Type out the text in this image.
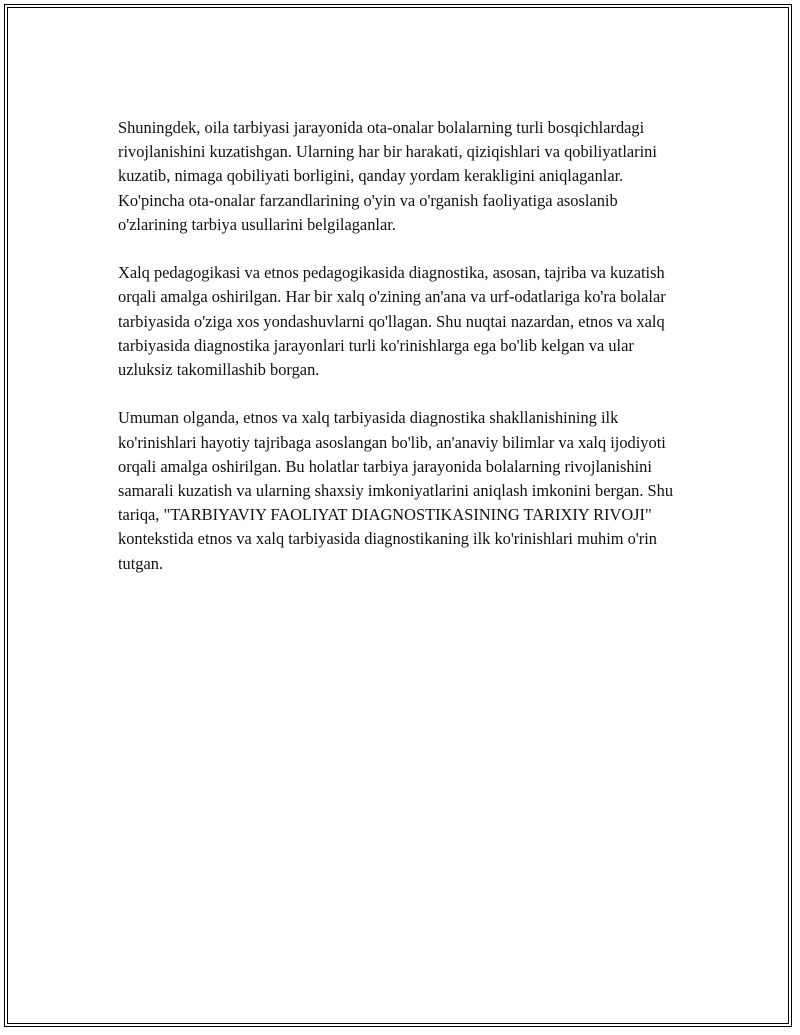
Shuningdek, oila tarbiyasi jarayonida ota-onalar bolalarning turli bosqichlardagi rivojlanishini kuzatishgan. Ularning har bir harakati, qiziqishlari va qobiliyatlarini kuzatib, nimaga qobiliyati borligini, qanday yordam kerakligini aniqlaganlar. Ko'pincha ota-onalar farzandlarining o'yin va o'rganish faoliyatiga asoslanib o'zlarining tarbiya usullarini belgilaganlar.

Xalq pedagogikasi va etnos pedagogikasida diagnostika, asosan, tajriba va kuzatish orqali amalga oshirilgan. Har bir xalq o'zining an'ana va urf-odatlariga ko'ra bolalar tarbiyasida o'ziga xos yondashuvlarni qo'llagan. Shu nuqtai nazardan, etnos va xalq tarbiyasida diagnostika jarayonlari turli ko'rinishlarga ega bo'lib kelgan va ular uzluksiz takomillashib borgan.

Umuman olganda, etnos va xalq tarbiyasida diagnostika shakllanishining ilk ko'rinishlari hayotiy tajribaga asoslangan bo'lib, an'anaviy bilimlar va xalq ijodiyoti orqali amalga oshirilgan. Bu holatlar tarbiya jarayonida bolalarning rivojlanishini samarali kuzatish va ularning shaxsiy imkoniyatlarini aniqlash imkonini bergan. Shu tariqa, "TARBIYAVIY FAOLIYAT DIAGNOSTIKASINING TARIXIY RIVOJI" kontekstida etnos va xalq tarbiyasida diagnostikaning ilk ko'rinishlari muhim o'rin tutgan.
